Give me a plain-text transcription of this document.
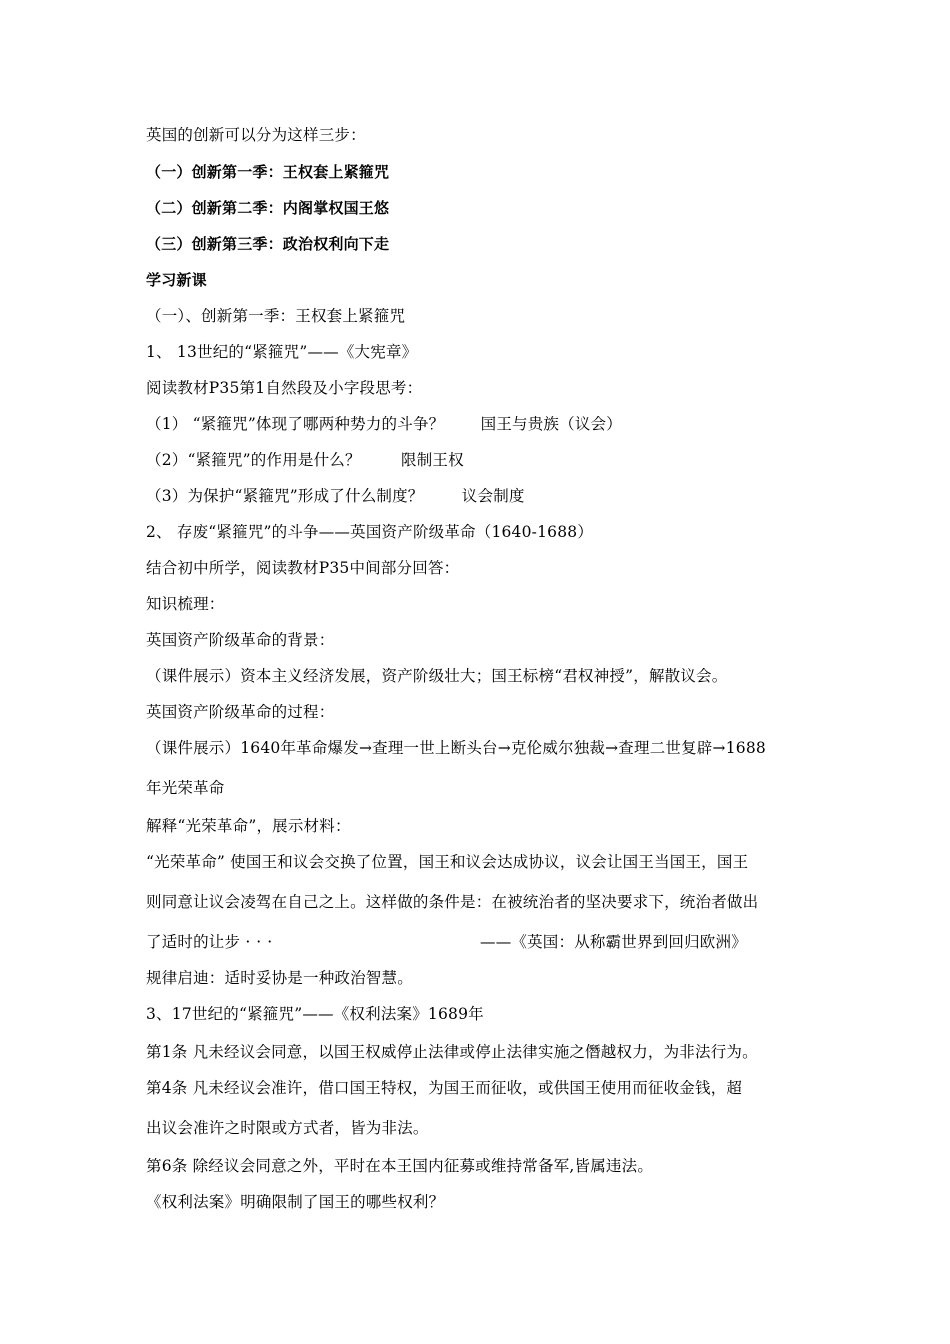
英国的创新可以分为这样三步：
（一）创新第一季：王权套上紧箍咒
（二）创新第二季：内阁掌权国王悠
（三）创新第三季：政治权利向下走
学习新课
（一）、创新第一季：王权套上紧箍咒
1、 13世纪的“紧箍咒”——《大宪章》
阅读教材P35第1自然段及小字段思考：
（1） “紧箍咒”体现了哪两种势力的斗争？ 国王与贵族（议会）
（2）“紧箍咒”的作用是什么？	限制王权
（3）为保护“紧箍咒”形成了什么制度？ 议会制度
2、 存废“紧箍咒”的斗争——英国资产阶级革命（1640-1688）
结合初中所学，阅读教材P35中间部分回答：
知识梳理：
英国资产阶级革命的背景：
（课件展示）资本主义经济发展，资产阶级壮大；国王标榜“君权神授”，解散议会。
英国资产阶级革命的过程：
（课件展示）1640年革命爆发→查理一世上断头台→克伦威尔独裁→查理二世复辟→1688
年光荣革命
解释“光荣革命”，展示材料：
“光荣革命” 使国王和议会交换了位置，国王和议会达成协议，议会让国王当国王，国王
则同意让议会凌驾在自己之上。这样做的条件是：在被统治者的坚决要求下，统治者做出
了适时的让步 ···	——《英国：从称霸世界到回归欧洲》
规律启迪：适时妥协是一种政治智慧。
3、17世纪的“紧箍咒”——《权利法案》1689年
第1条 凡未经议会同意，以国王权威停止法律或停止法律实施之僭越权力，为非法行为。
第4条 凡未经议会准许，借口国王特权，为国王而征收，或供国王使用而征收金钱，超
出议会准许之时限或方式者，皆为非法。
第6条 除经议会同意之外，平时在本王国内征募或维持常备军,皆属违法。
《权利法案》明确限制了国王的哪些权利？
